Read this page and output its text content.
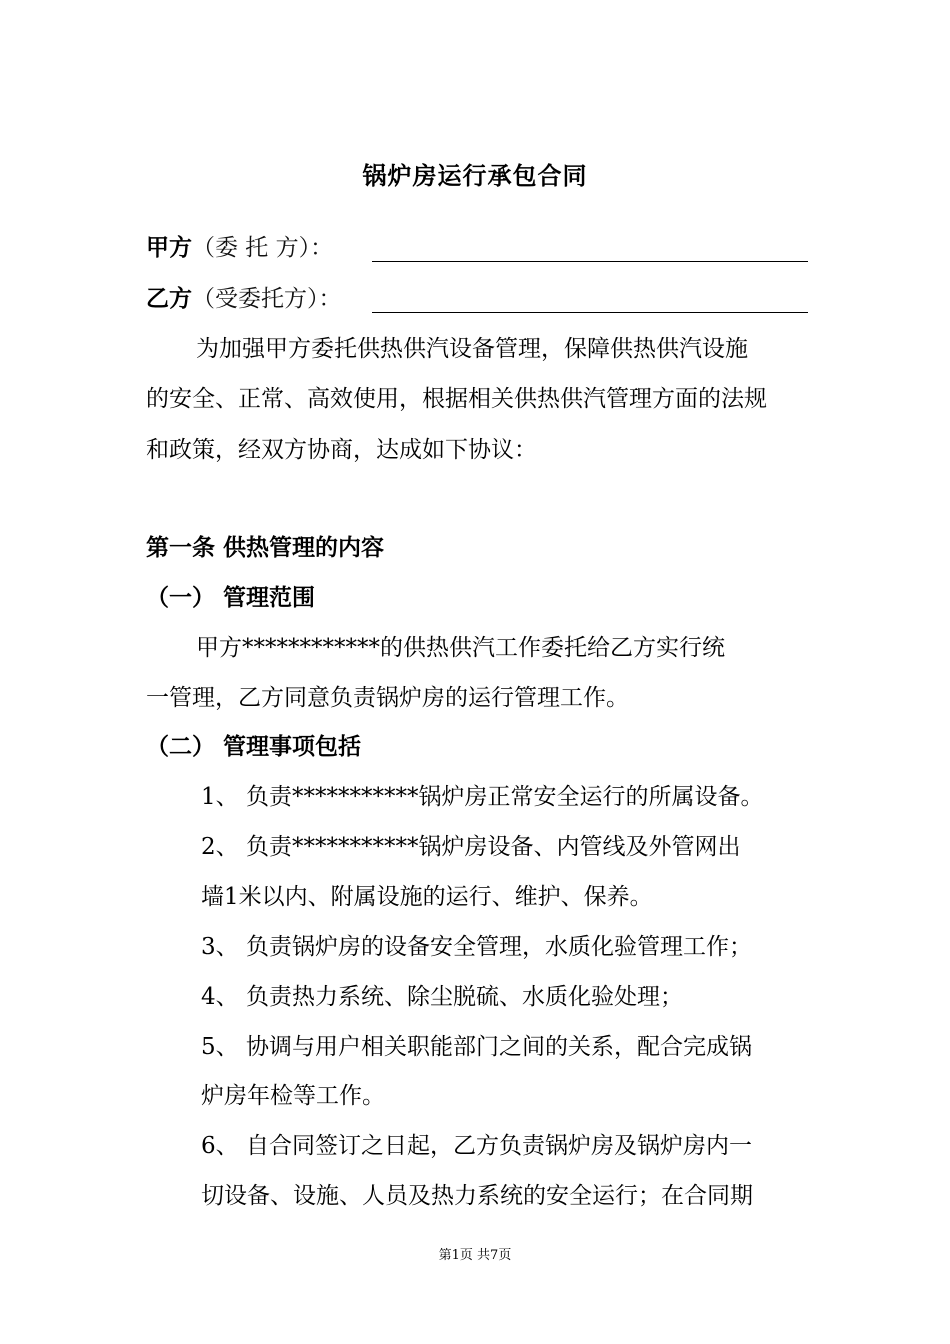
锅炉房运行承包合同
甲方（委 托 方）：
乙方（受委托方）：
为加强甲方委托供热供汽设备管理，保障供热供汽设施
的安全、正常、高效使用，根据相关供热供汽管理方面的法规
和政策，经双方协商，达成如下协议：
第一条 供热管理的内容
（一） 管理范围
甲方************的供热供汽工作委托给乙方实行统
一管理，乙方同意负责锅炉房的运行管理工作。
（二） 管理事项包括
1、 负责***********锅炉房正常安全运行的所属设备。
2、 负责***********锅炉房设备、内管线及外管网出
墙1米以内、附属设施的运行、维护、保养。
3、 负责锅炉房的设备安全管理，水质化验管理工作；
4、 负责热力系统、除尘脱硫、水质化验处理；
5、 协调与用户相关职能部门之间的关系，配合完成锅
炉房年检等工作。
6、 自合同签订之日起，乙方负责锅炉房及锅炉房内一
切设备、设施、人员及热力系统的安全运行；在合同期
第1页 共7页
